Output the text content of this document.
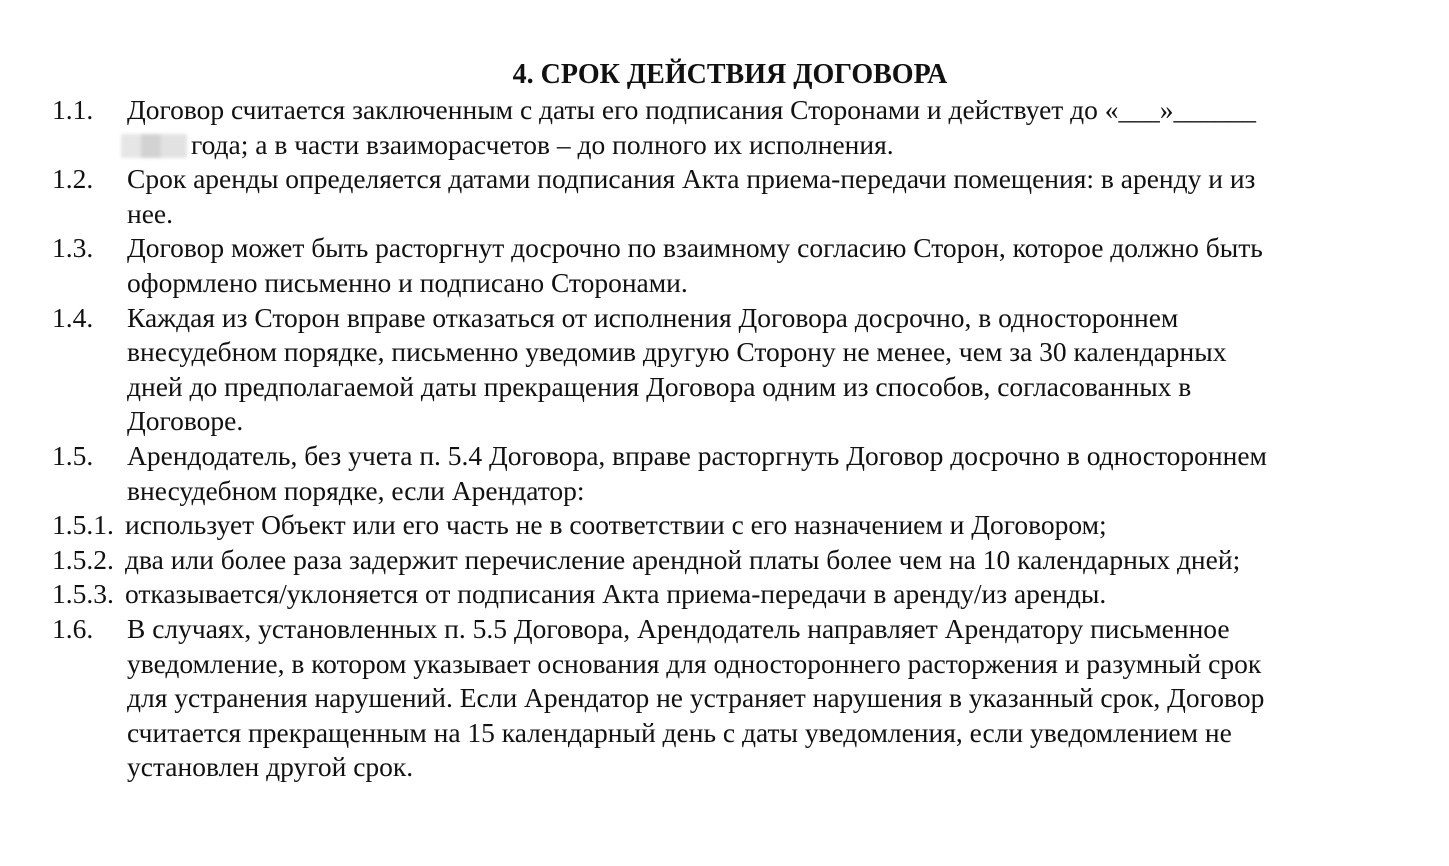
4. СРОК ДЕЙСТВИЯ ДОГОВОРА
1.1.	Договор считается заключенным с даты его подписания Сторонами и действует до «___»______
года; а в части взаиморасчетов – до полного их исполнения.
1.2.	Срок аренды определяется датами подписания Акта приема-передачи помещения: в аренду и из
нее.
1.3.	Договор может быть расторгнут досрочно по взаимному согласию Сторон, которое должно быть
оформлено письменно и подписано Сторонами.
1.4.	Каждая из Сторон вправе отказаться от исполнения Договора досрочно, в одностороннем
внесудебном порядке, письменно уведомив другую Сторону не менее, чем за 30 календарных
дней до предполагаемой даты прекращения Договора одним из способов, согласованных в
Договоре.
1.5.	Арендодатель, без учета п. 5.4 Договора, вправе расторгнуть Договор досрочно в одностороннем
внесудебном порядке, если Арендатор:
1.5.1. использует Объект или его часть не в соответствии с его назначением и Договором;
1.5.2. два или более раза задержит перечисление арендной платы более чем на 10 календарных дней;
1.5.3. отказывается/уклоняется от подписания Акта приема-передачи в аренду/из аренды.
1.6.	В случаях, установленных п. 5.5 Договора, Арендодатель направляет Арендатору письменное
уведомление, в котором указывает основания для одностороннего расторжения и разумный срок
для устранения нарушений. Если Арендатор не устраняет нарушения в указанный срок, Договор
считается прекращенным на 15 календарный день с даты уведомления, если уведомлением не
установлен другой срок.
